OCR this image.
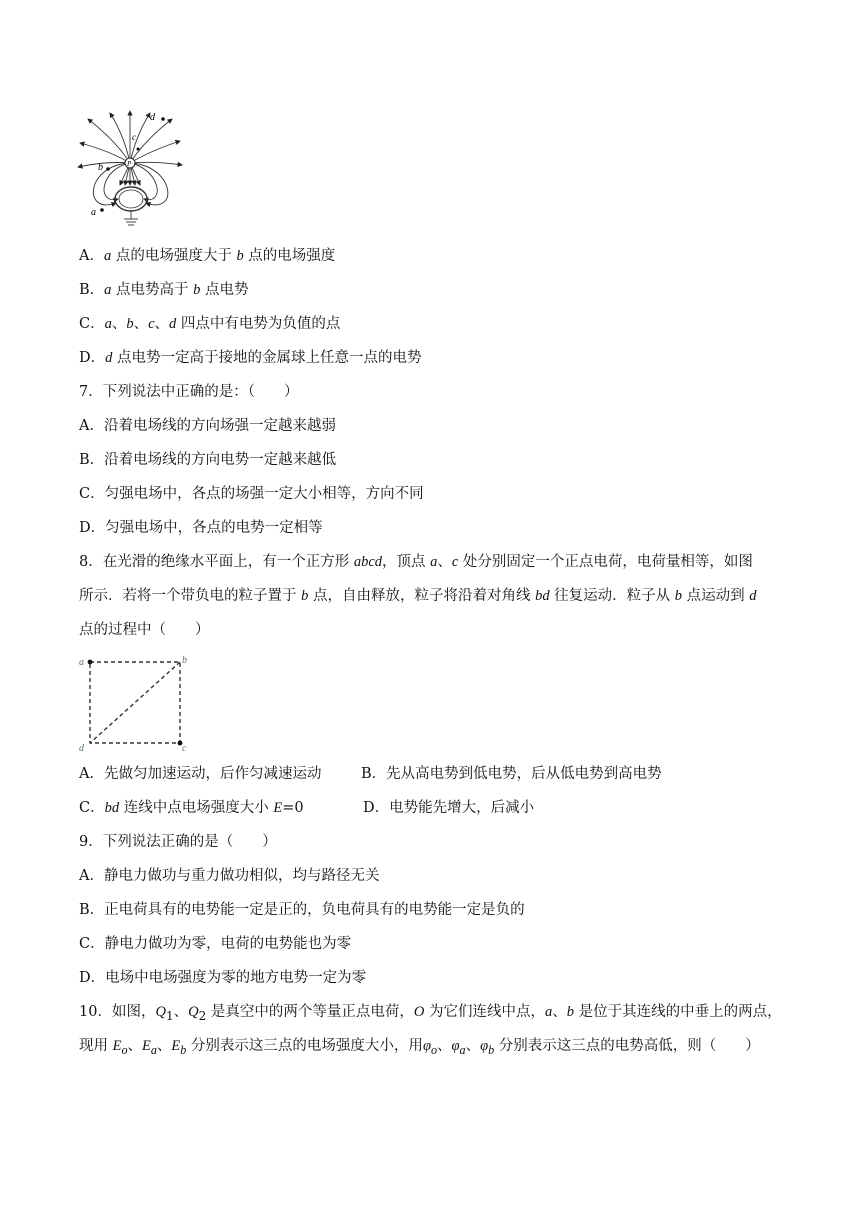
d
c
P
b
a
A．a 点的电场强度大于 b 点的电场强度
B．a 点电势高于 b 点电势
C．a、b、c、d 四点中有电势为负值的点
D．d 点电势一定高于接地的金属球上任意一点的电势
7．下列说法中正确的是：（　　）
A．沿着电场线的方向场强一定越来越弱
B．沿着电场线的方向电势一定越来越低
C．匀强电场中，各点的场强一定大小相等，方向不同
D．匀强电场中，各点的电势一定相等
8．在光滑的绝缘水平面上，有一个正方形 abcd，顶点 a、c 处分别固定一个正点电荷，电荷量相等，如图
所示．若将一个带负电的粒子置于 b 点，自由释放，粒子将沿着对角线 bd 往复运动．粒子从 b 点运动到 d
点的过程中（　　）
a	b
c
d
A．先做匀加速运动，后作匀减速运动	B．先从高电势到低电势，后从低电势到高电势
C．bd 连线中点电场强度大小 E=0	D．电势能先增大，后减小
9．下列说法正确的是（　　）
A．静电力做功与重力做功相似，均与路径无关
B．正电荷具有的电势能一定是正的，负电荷具有的电势能一定是负的
C．静电力做功为零，电荷的电势能也为零
D．电场中电场强度为零的地方电势一定为零
10．如图，$Q_1$、$Q_2$ 是真空中的两个等量正点电荷，O 为它们连线中点，a、b 是位于其连线的中垂上的两点，
现用 $E_o$、$E_a$、$E_b$ 分别表示这三点的电场强度大小，用$\varphi_o$、$\varphi_a$、$\varphi_b$ 分别表示这三点的电势高低，则（　　）
